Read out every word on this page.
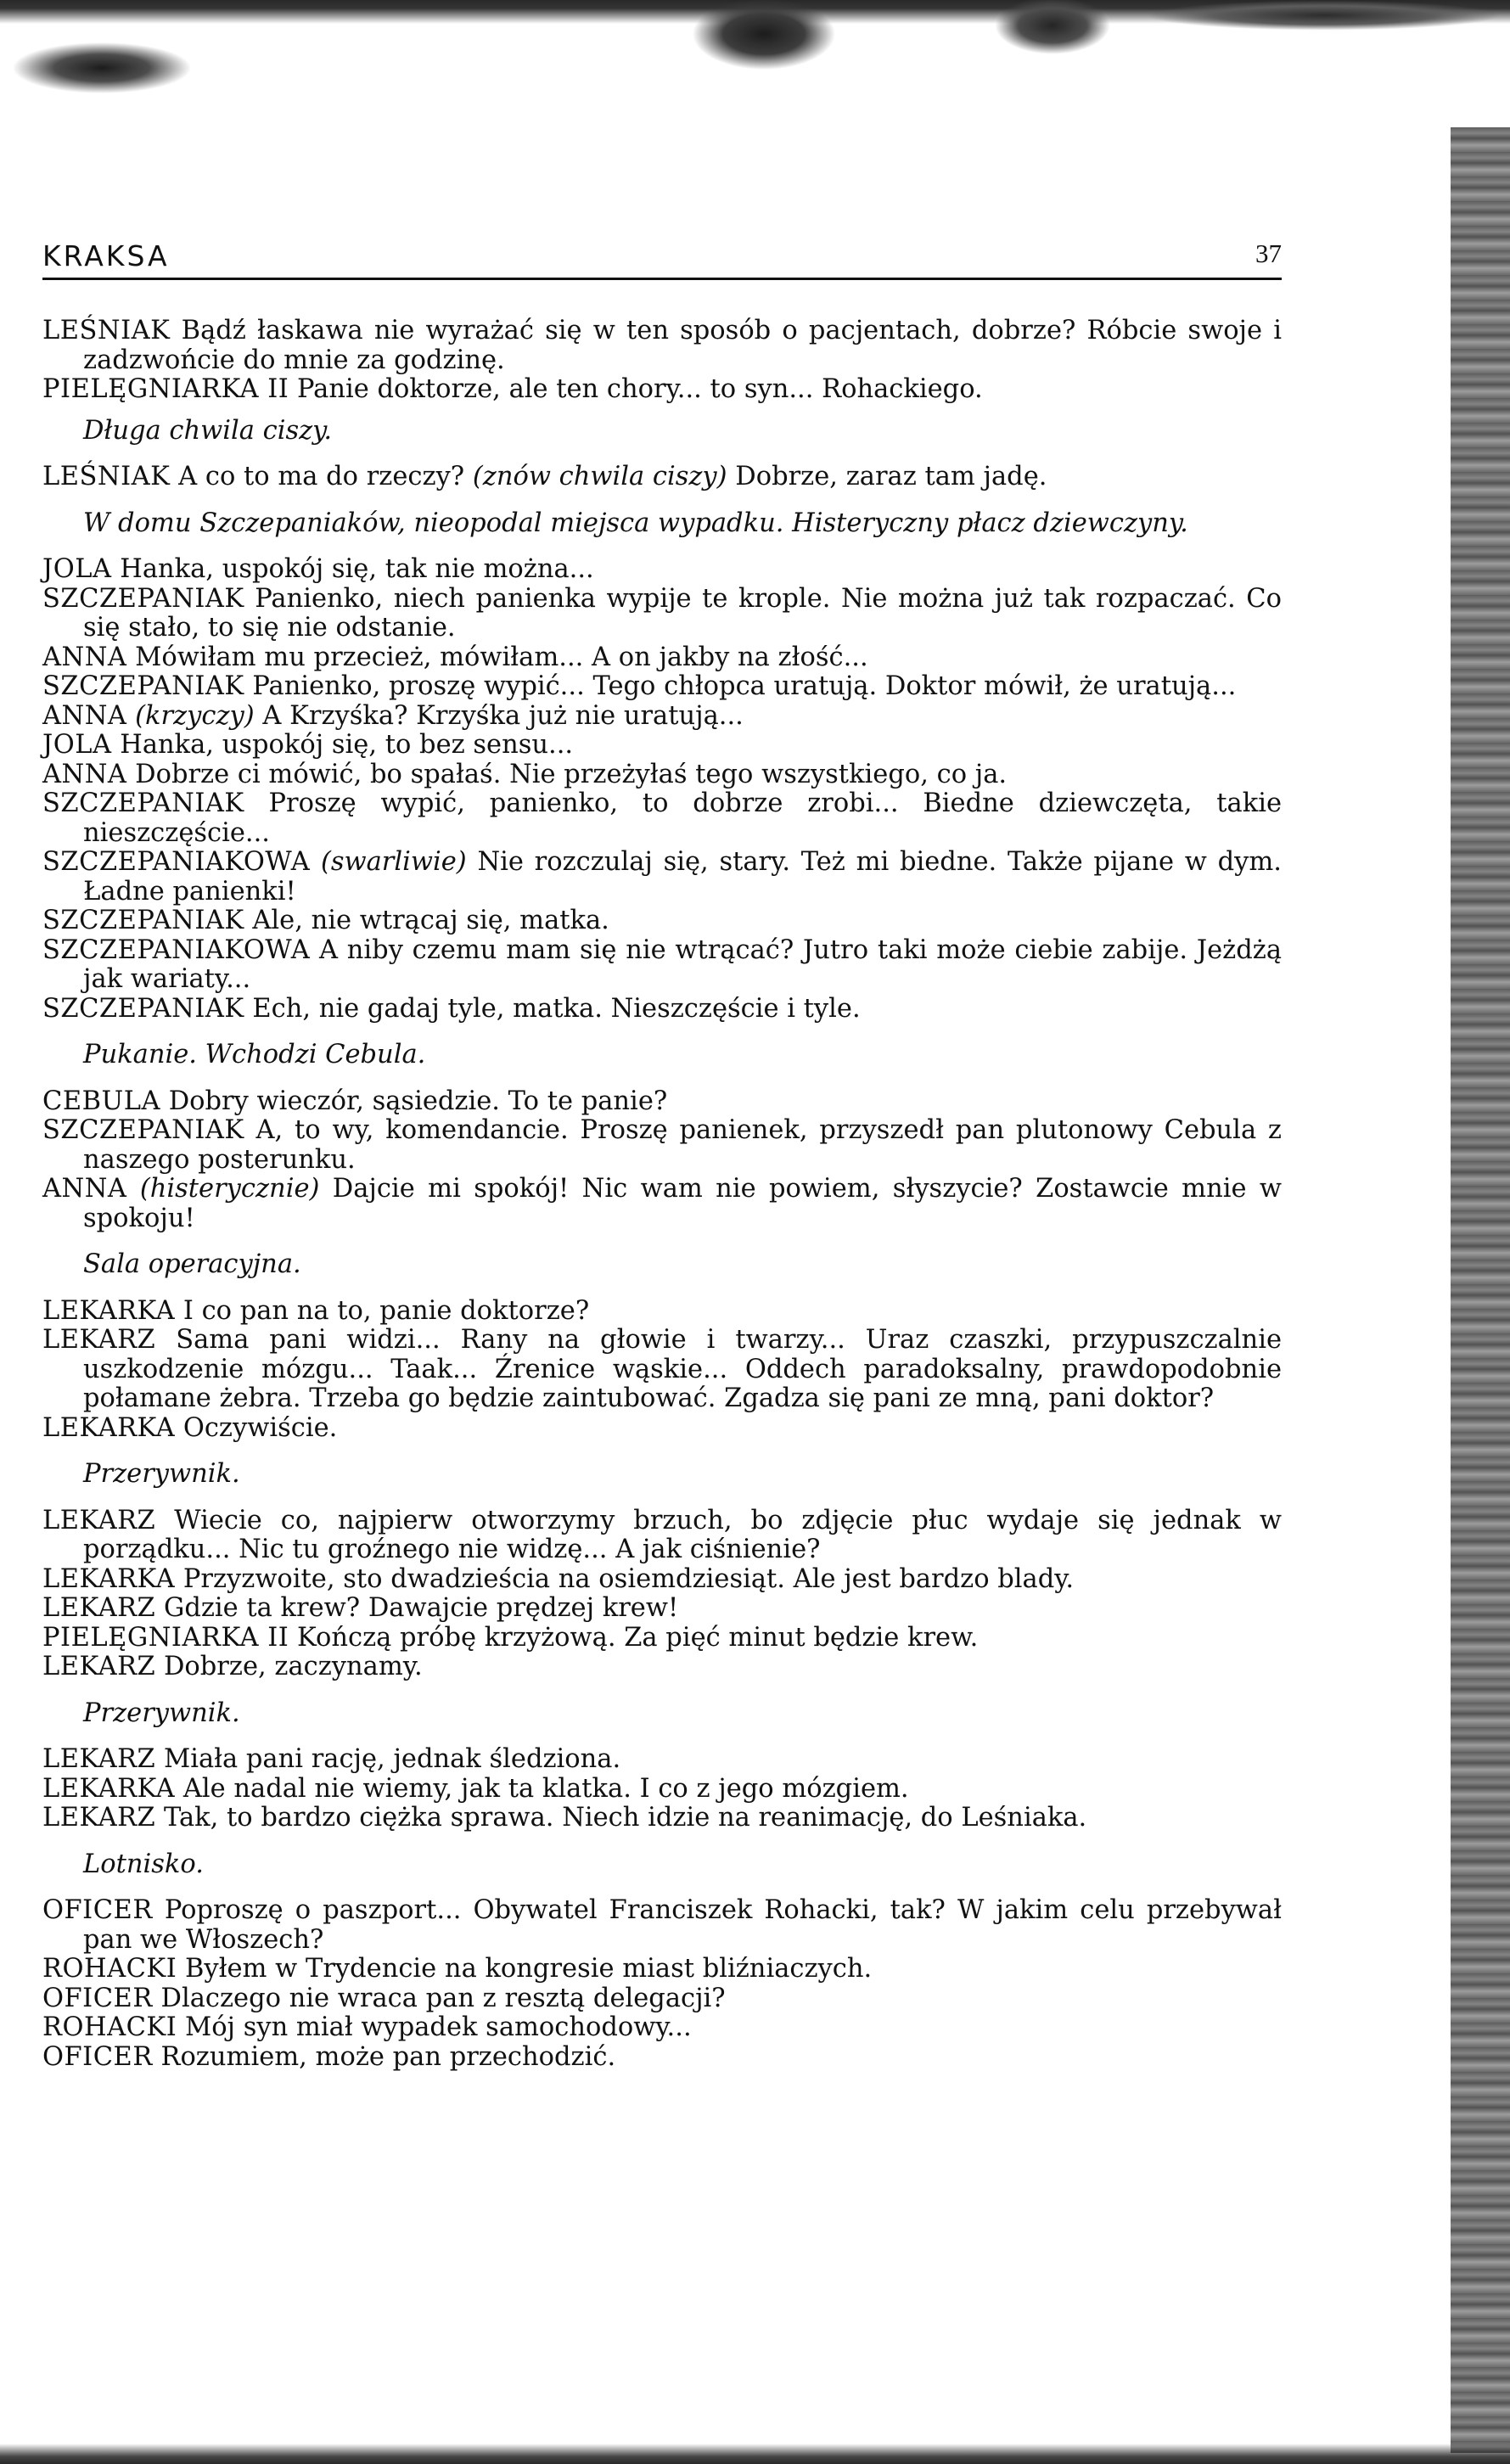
KRAKSA	37

LEŚNIAK Bądź łaskawa nie wyrażać się w ten sposób o pacjentach, dobrze? Róbcie swoje i zadzwońcie do mnie za godzinę.

PIELĘGNIARKA II Panie doktorze, ale ten chory... to syn... Rohackiego.

Długa chwila ciszy.

LEŚNIAK A co to ma do rzeczy? (znów chwila ciszy) Dobrze, zaraz tam jadę.

W domu Szczepaniaków, nieopodal miejsca wypadku. Histeryczny płacz dziewczyny.

JOLA Hanka, uspokój się, tak nie można...

SZCZEPANIAK Panienko, niech panienka wypije te krople. Nie można już tak rozpaczać. Co się stało, to się nie odstanie.

ANNA Mówiłam mu przecież, mówiłam... A on jakby na złość...

SZCZEPANIAK Panienko, proszę wypić... Tego chłopca uratują. Doktor mówił, że uratują...

ANNA (krzyczy) A Krzyśka? Krzyśka już nie uratują...

JOLA Hanka, uspokój się, to bez sensu...

ANNA Dobrze ci mówić, bo spałaś. Nie przeżyłaś tego wszystkiego, co ja.

SZCZEPANIAK Proszę wypić, panienko, to dobrze zrobi... Biedne dziewczęta, takie nieszczęście...

SZCZEPANIAKOWA (swarliwie) Nie rozczulaj się, stary. Też mi biedne. Także pijane w dym. Ładne panienki!

SZCZEPANIAK Ale, nie wtrącaj się, matka.

SZCZEPANIAKOWA A niby czemu mam się nie wtrącać? Jutro taki może ciebie zabije. Jeżdżą jak wariaty...

SZCZEPANIAK Ech, nie gadaj tyle, matka. Nieszczęście i tyle.

Pukanie. Wchodzi Cebula.

CEBULA Dobry wieczór, sąsiedzie. To te panie?

SZCZEPANIAK A, to wy, komendancie. Proszę panienek, przyszedł pan plutonowy Cebula z naszego posterunku.

ANNA (histerycznie) Dajcie mi spokój! Nic wam nie powiem, słyszycie? Zostawcie mnie w spokoju!

Sala operacyjna.

LEKARKA I co pan na to, panie doktorze?

LEKARZ Sama pani widzi... Rany na głowie i twarzy... Uraz czaszki, przypuszczalnie uszkodzenie mózgu... Taak... Źrenice wąskie... Oddech paradoksalny, prawdopodobnie połamane żebra. Trzeba go będzie zaintubować. Zgadza się pani ze mną, pani doktor?

LEKARKA Oczywiście.

Przerywnik.

LEKARZ Wiecie co, najpierw otworzymy brzuch, bo zdjęcie płuc wydaje się jednak w porządku... Nic tu groźnego nie widzę... A jak ciśnienie?

LEKARKA Przyzwoite, sto dwadzieścia na osiemdziesiąt. Ale jest bardzo blady.

LEKARZ Gdzie ta krew? Dawajcie prędzej krew!

PIELĘGNIARKA II Kończą próbę krzyżową. Za pięć minut będzie krew.

LEKARZ Dobrze, zaczynamy.

Przerywnik.

LEKARZ Miała pani rację, jednak śledziona.

LEKARKA Ale nadal nie wiemy, jak ta klatka. I co z jego mózgiem.

LEKARZ Tak, to bardzo ciężka sprawa. Niech idzie na reanimację, do Leśniaka.

Lotnisko.

OFICER Poproszę o paszport... Obywatel Franciszek Rohacki, tak? W jakim celu przebywał pan we Włoszech?

ROHACKI Byłem w Trydencie na kongresie miast bliźniaczych.

OFICER Dlaczego nie wraca pan z resztą delegacji?

ROHACKI Mój syn miał wypadek samochodowy...

OFICER Rozumiem, może pan przechodzić.
